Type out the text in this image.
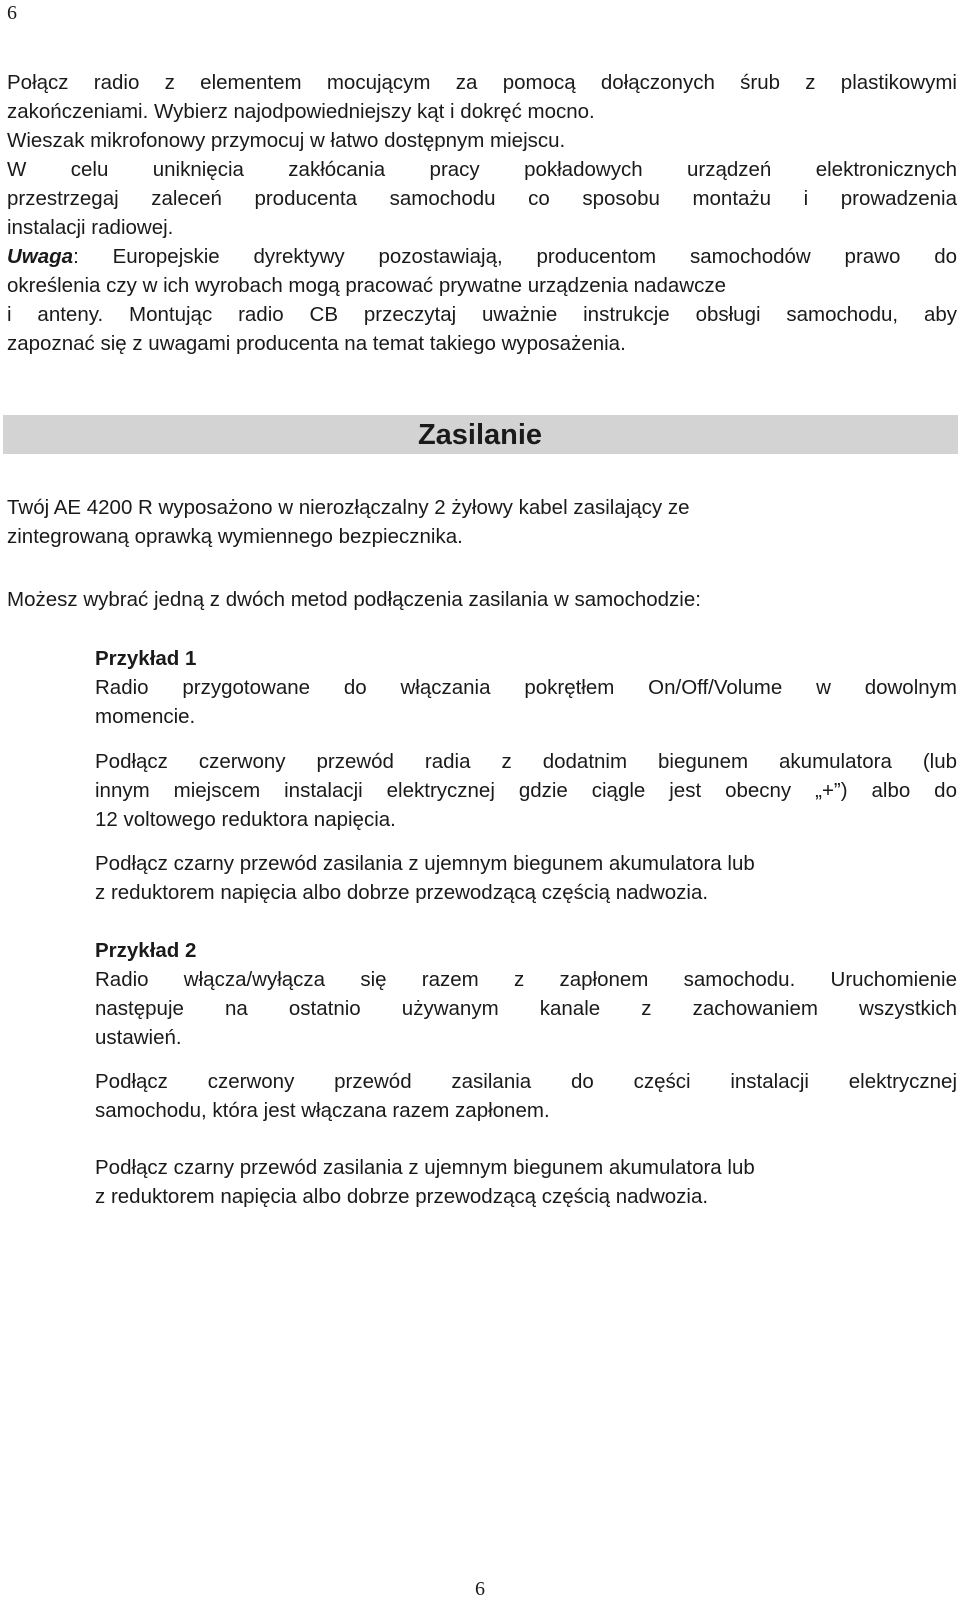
6
Połącz radio z elementem mocującym za pomocą dołączonych śrub z plastikowymi
zakończeniami. Wybierz najodpowiedniejszy kąt i dokręć mocno.
Wieszak mikrofonowy przymocuj w łatwo dostępnym miejscu.
W celu uniknięcia zakłócania pracy pokładowych urządzeń elektronicznych
przestrzegaj zaleceń producenta samochodu co sposobu montażu i prowadzenia
instalacji radiowej.
Uwaga: Europejskie dyrektywy pozostawiają, producentom samochodów prawo do
określenia czy w ich wyrobach mogą pracować prywatne urządzenia nadawcze
i anteny. Montując radio CB przeczytaj uważnie instrukcje obsługi samochodu, aby
zapoznać się z uwagami producenta na temat takiego wyposażenia.
Zasilanie
Twój AE 4200 R wyposażono w nierozłączalny 2 żyłowy kabel zasilający ze
zintegrowaną oprawką wymiennego bezpiecznika.
Możesz wybrać jedną z dwóch metod podłączenia zasilania w samochodzie:
Przykład 1
Radio przygotowane do włączania pokrętłem On/Off/Volume w dowolnym
momencie.
Podłącz czerwony przewód radia z dodatnim biegunem akumulatora (lub
innym miejscem instalacji elektrycznej gdzie ciągle jest obecny „+”) albo do
12 voltowego reduktora napięcia.
Podłącz czarny przewód zasilania z ujemnym biegunem akumulatora lub
z reduktorem napięcia albo dobrze przewodzącą częścią nadwozia.
Przykład 2
Radio włącza/wyłącza się razem z zapłonem samochodu. Uruchomienie
następuje na ostatnio używanym kanale z zachowaniem wszystkich
ustawień.
Podłącz czerwony przewód zasilania do części instalacji elektrycznej
samochodu, która jest włączana razem zapłonem.
Podłącz czarny przewód zasilania z ujemnym biegunem akumulatora lub
z reduktorem napięcia albo dobrze przewodzącą częścią nadwozia.
6
